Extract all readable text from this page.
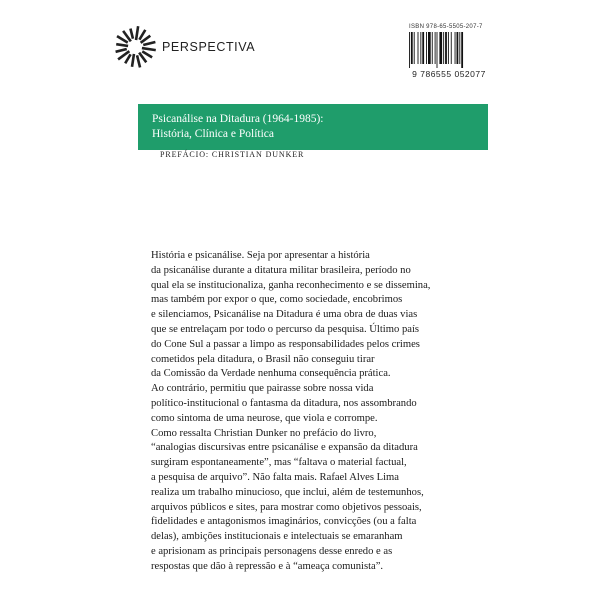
PERSPECTIVA
ISBN 978-65-5505-207-7
9 786555 052077
Psicanálise na Ditadura (1964-1985):
História, Clínica e Política
PREFÁCIO: CHRISTIAN DUNKER
História e psicanálise. Seja por apresentar a história
da psicanálise durante a ditatura militar brasileira, período no
qual ela se institucionaliza, ganha reconhecimento e se dissemina,
mas também por expor o que, como sociedade, encobrimos
e silenciamos, Psicanálise na Ditadura é uma obra de duas vias
que se entrelaçam por todo o percurso da pesquisa. Último país
do Cone Sul a passar a limpo as responsabilidades pelos crimes
cometidos pela ditadura, o Brasil não conseguiu tirar
da Comissão da Verdade nenhuma consequência prática.
Ao contrário, permitiu que pairasse sobre nossa vida
político-institucional o fantasma da ditadura, nos assombrando
como sintoma de uma neurose, que viola e corrompe.
Como ressalta Christian Dunker no prefácio do livro,
“analogias discursivas entre psicanálise e expansão da ditadura
surgiram espontaneamente”, mas “faltava o material factual,
a pesquisa de arquivo”. Não falta mais. Rafael Alves Lima
realiza um trabalho minucioso, que inclui, além de testemunhos,
arquivos públicos e sites, para mostrar como objetivos pessoais,
fidelidades e antagonismos imaginários, convicções (ou a falta
delas), ambições institucionais e intelectuais se emaranham
e aprisionam as principais personagens desse enredo e as
respostas que dão à repressão e à “ameaça comunista”.
